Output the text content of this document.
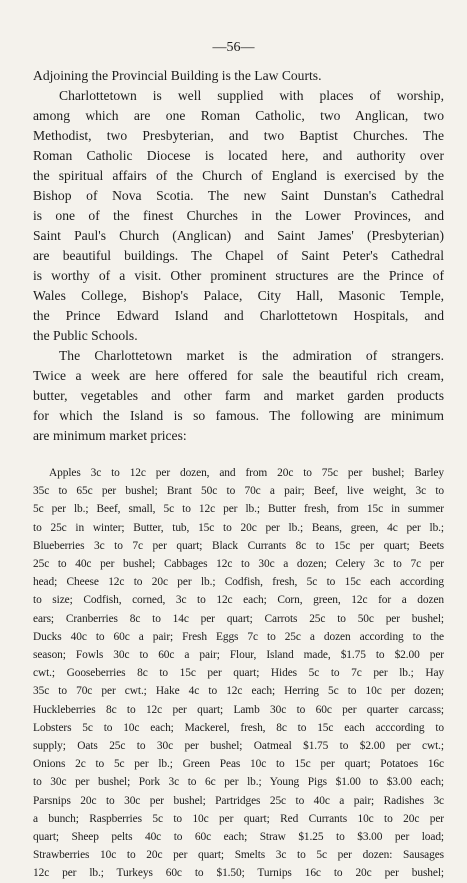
—56—
Adjoining the Provincial Building is the Law Courts.
Charlottetown is well supplied with places of worship,
among which are one Roman Catholic, two Anglican, two
Methodist, two Presbyterian, and two Baptist Churches. The
Roman Catholic Diocese is located here, and authority over
the spiritual affairs of the Church of England is exercised by the
Bishop of Nova Scotia. The new Saint Dunstan's Cathedral
is one of the finest Churches in the Lower Provinces, and
Saint Paul's Church (Anglican) and Saint James' (Presbyterian)
are beautiful buildings. The Chapel of Saint Peter's Cathedral
is worthy of a visit. Other prominent structures are the Prince of
Wales College, Bishop's Palace, City Hall, Masonic Temple,
the Prince Edward Island and Charlottetown Hospitals, and
the Public Schools.
The Charlottetown market is the admiration of strangers.
Twice a week are here offered for sale the beautiful rich cream,
butter, vegetables and other farm and market garden products
for which the Island is so famous. The following are minimum
are minimum market prices:
Apples 3c to 12c per dozen, and from 20c to 75c per bushel; Barley
35c to 65c per bushel; Brant 50c to 70c a pair; Beef, live weight, 3c to
5c per lb.; Beef, small, 5c to 12c per lb.; Butter fresh, from 15c in summer
to 25c in winter; Butter, tub, 15c to 20c per lb.; Beans, green, 4c per lb.;
Blueberries 3c to 7c per quart; Black Currants 8c to 15c per quart; Beets
25c to 40c per bushel; Cabbages 12c to 30c a dozen; Celery 3c to 7c per
head; Cheese 12c to 20c per lb.; Codfish, fresh, 5c to 15c each according
to size; Codfish, corned, 3c to 12c each; Corn, green, 12c for a dozen
ears; Cranberries 8c to 14c per quart; Carrots 25c to 50c per bushel;
Ducks 40c to 60c a pair; Fresh Eggs 7c to 25c a dozen according to the
season; Fowls 30c to 60c a pair; Flour, Island made, $1.75 to $2.00 per
cwt.; Gooseberries 8c to 15c per quart; Hides 5c to 7c per lb.; Hay
35c to 70c per cwt.; Hake 4c to 12c each; Herring 5c to 10c per dozen;
Huckleberries 8c to 12c per quart; Lamb 30c to 60c per quarter carcass;
Lobsters 5c to 10c each; Mackerel, fresh, 8c to 15c each acccording to
supply; Oats 25c to 30c per bushel; Oatmeal $1.75 to $2.00 per cwt.;
Onions 2c to 5c per lb.; Green Peas 10c to 15c per quart; Potatoes 16c
to 30c per bushel; Pork 3c to 6c per lb.; Young Pigs $1.00 to $3.00 each;
Parsnips 20c to 30c per bushel; Partridges 25c to 40c a pair; Radishes 3c
a bunch; Raspberries 5c to 10c per quart; Red Currants 10c to 20c per
quart; Sheep pelts 40c to 60c each; Straw $1.25 to $3.00 per load;
Strawberries 10c to 20c per quart; Smelts 3c to 5c per dozen: Sausages
12c per lb.; Turkeys 60c to $1.50; Turnips 16c to 20c per bushel;
